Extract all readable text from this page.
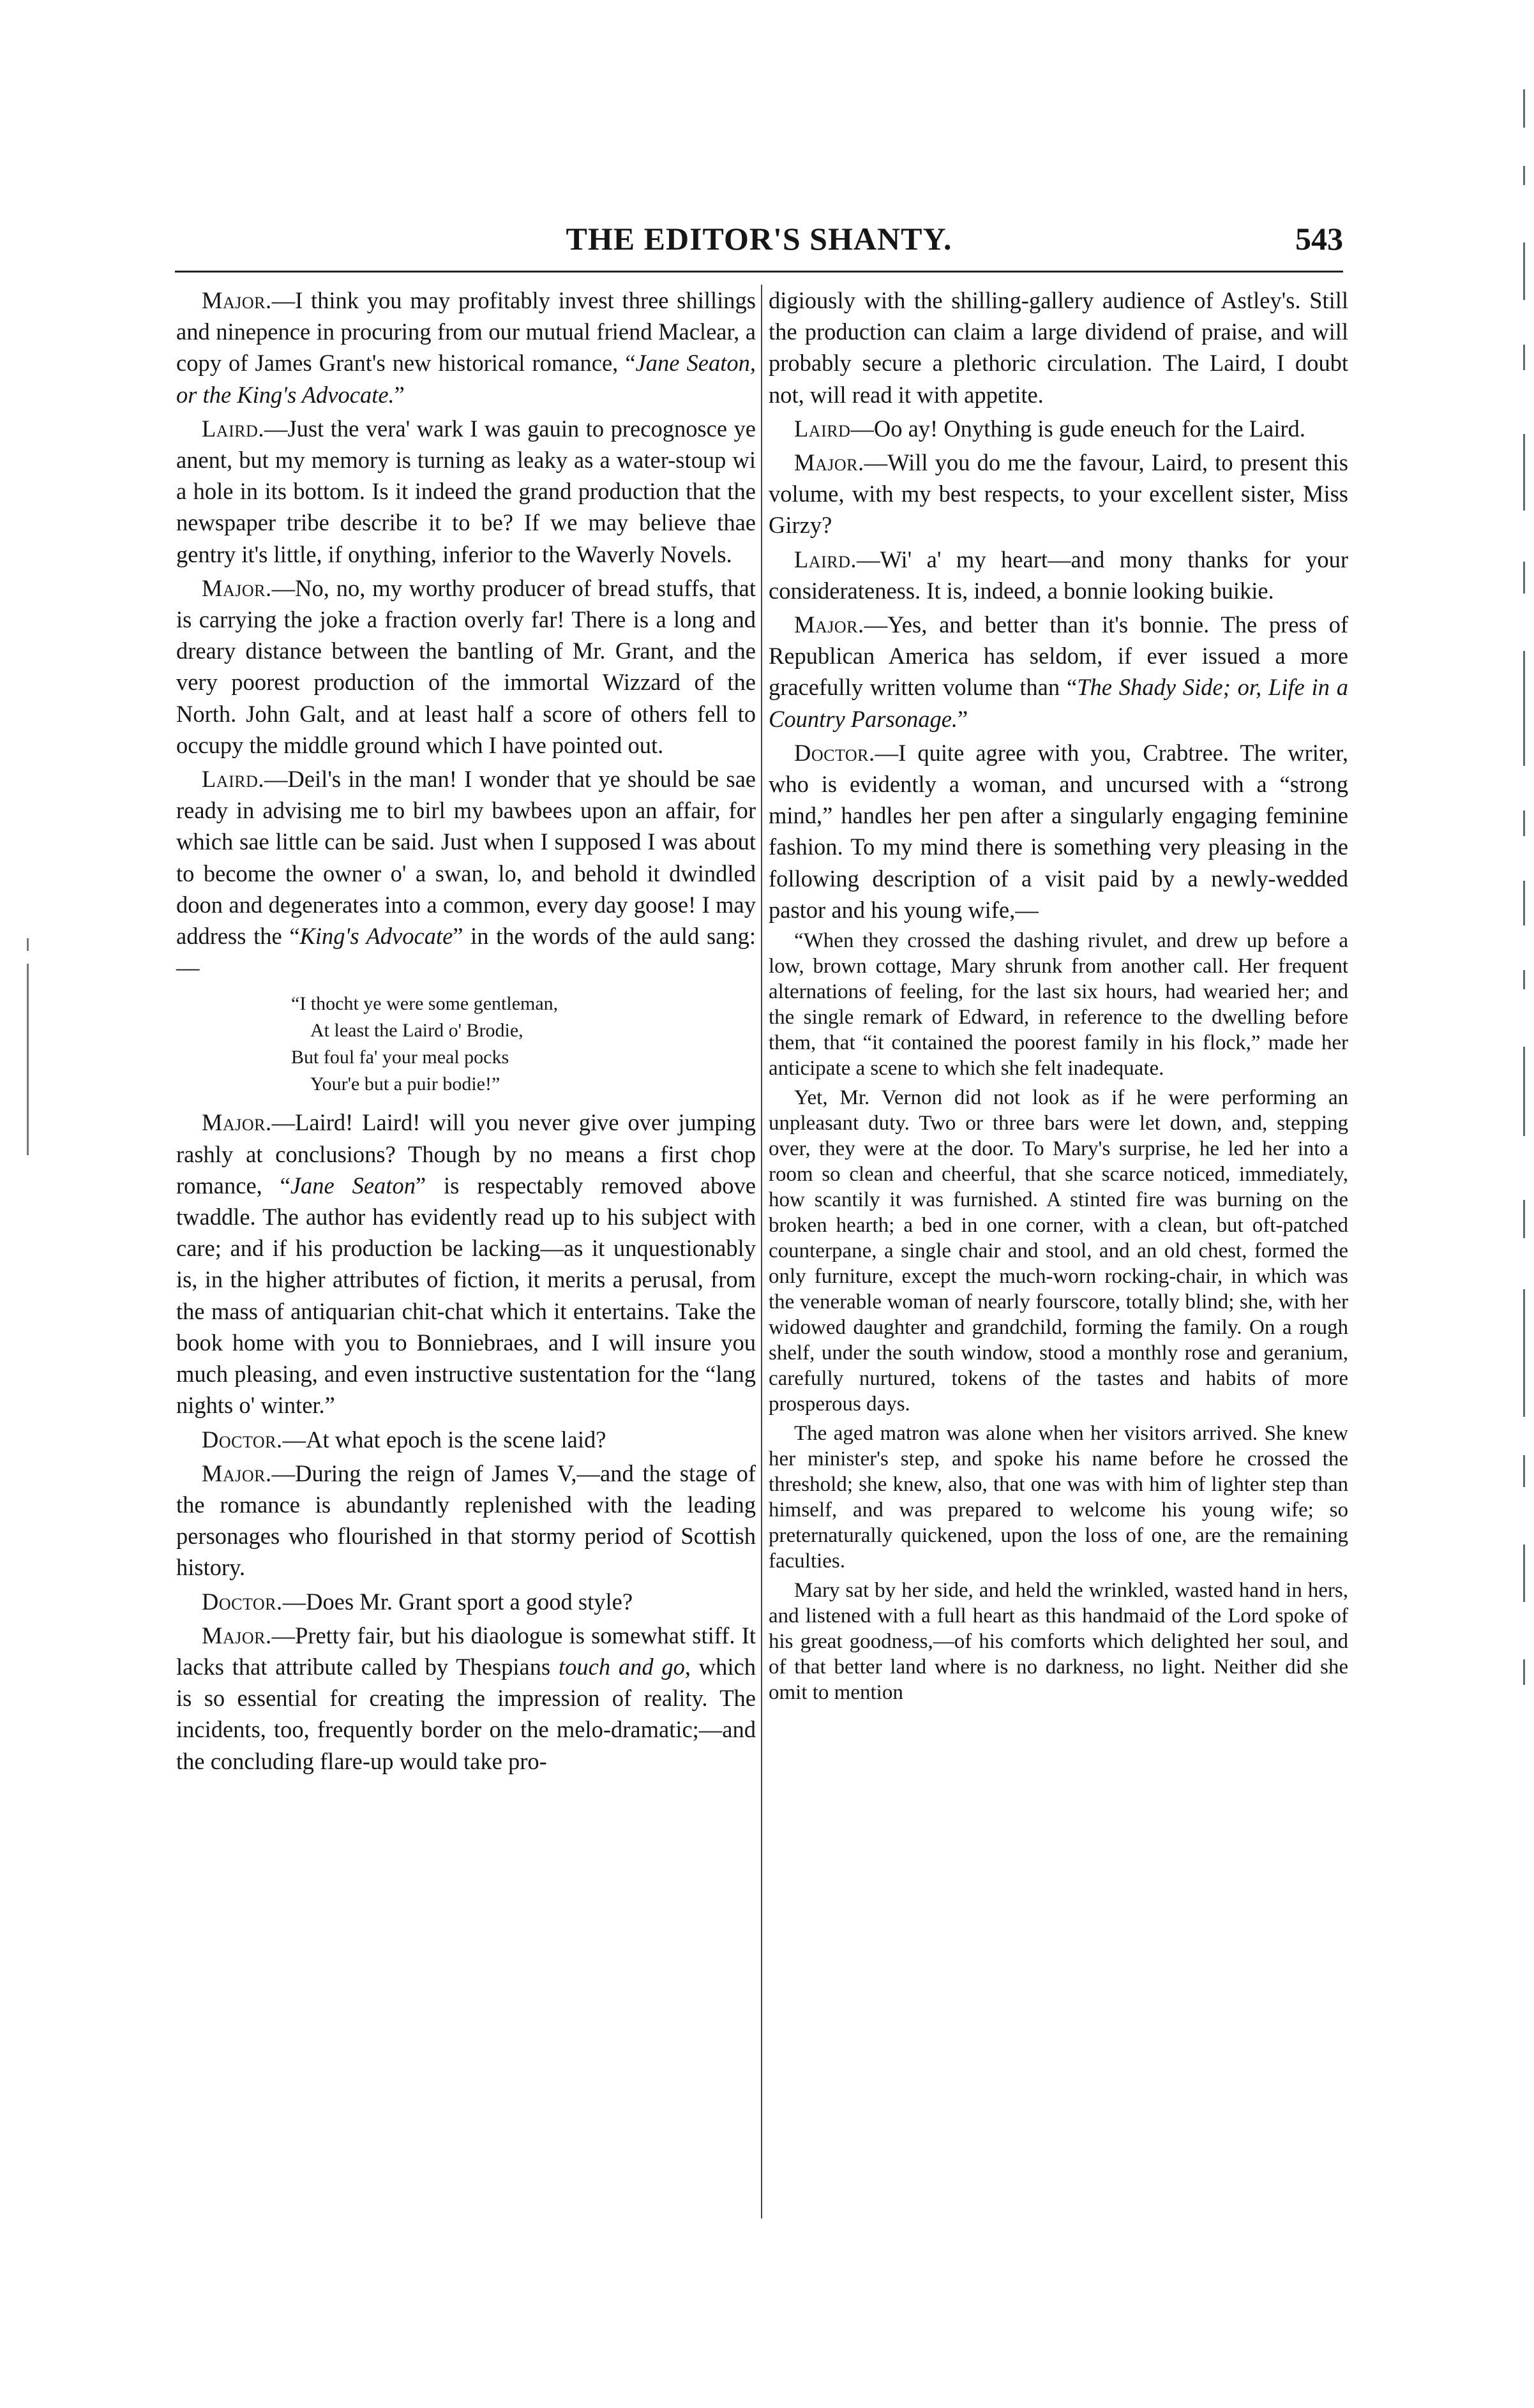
THE EDITOR'S SHANTY.	543

Major.—I think you may profitably invest three shillings and ninepence in procuring from our mutual friend Maclear, a copy of James Grant's new historical romance, “Jane Seaton, or the King's Advocate.”

Laird.—Just the vera' wark I was gauin to precognosce ye anent, but my memory is turning as leaky as a water-stoup wi a hole in its bottom. Is it indeed the grand production that the newspaper tribe describe it to be? If we may believe thae gentry it's little, if onything, inferior to the Waverly Novels.

Major.—No, no, my worthy producer of bread stuffs, that is carrying the joke a fraction overly far! There is a long and dreary distance between the bantling of Mr. Grant, and the very poorest production of the immortal Wizzard of the North. John Galt, and at least half a score of others fell to occupy the middle ground which I have pointed out.

Laird.—Deil's in the man! I wonder that ye should be sae ready in advising me to birl my bawbees upon an affair, for which sae little can be said. Just when I supposed I was about to become the owner o' a swan, lo, and behold it dwindled doon and degenerates into a common, every day goose! I may address the “King's Advocate” in the words of the auld sang:—

“I thocht ye were some gentleman,
At least the Laird o' Brodie,
But foul fa' your meal pocks
Your'e but a puir bodie!”

Major.—Laird! Laird! will you never give over jumping rashly at conclusions? Though by no means a first chop romance, “Jane Seaton” is respectably removed above twaddle. The author has evidently read up to his subject with care; and if his production be lacking—as it unquestionably is, in the higher attributes of fiction, it merits a perusal, from the mass of antiquarian chit-chat which it entertains. Take the book home with you to Bonniebraes, and I will insure you much pleasing, and even instructive sustentation for the “lang nights o' winter.”

Doctor.—At what epoch is the scene laid?

Major.—During the reign of James V,—and the stage of the romance is abundantly replenished with the leading personages who flourished in that stormy period of Scottish history.

Doctor.—Does Mr. Grant sport a good style?

Major.—Pretty fair, but his diaologue is somewhat stiff. It lacks that attribute called by Thespians touch and go, which is so essential for creating the impression of reality. The incidents, too, frequently border on the melo-dramatic;—and the concluding flare-up would take pro-

digiously with the shilling-gallery audience of Astley's. Still the production can claim a large dividend of praise, and will probably secure a plethoric circulation. The Laird, I doubt not, will read it with appetite.

Laird—Oo ay! Onything is gude eneuch for the Laird.

Major.—Will you do me the favour, Laird, to present this volume, with my best respects, to your excellent sister, Miss Girzy?

Laird.—Wi' a' my heart—and mony thanks for your considerateness. It is, indeed, a bonnie looking buikie.

Major.—Yes, and better than it's bonnie. The press of Republican America has seldom, if ever issued a more gracefully written volume than “The Shady Side; or, Life in a Country Parsonage.”

Doctor.—I quite agree with you, Crabtree. The writer, who is evidently a woman, and uncursed with a “strong mind,” handles her pen after a singularly engaging feminine fashion. To my mind there is something very pleasing in the following description of a visit paid by a newly-wedded pastor and his young wife,—

“When they crossed the dashing rivulet, and drew up before a low, brown cottage, Mary shrunk from another call. Her frequent alternations of feeling, for the last six hours, had wearied her; and the single remark of Edward, in reference to the dwelling before them, that “it contained the poorest family in his flock,” made her anticipate a scene to which she felt inadequate.

Yet, Mr. Vernon did not look as if he were performing an unpleasant duty. Two or three bars were let down, and, stepping over, they were at the door. To Mary's surprise, he led her into a room so clean and cheerful, that she scarce noticed, immediately, how scantily it was furnished. A stinted fire was burning on the broken hearth; a bed in one corner, with a clean, but oft-patched counterpane, a single chair and stool, and an old chest, formed the only furniture, except the much-worn rocking-chair, in which was the venerable woman of nearly fourscore, totally blind; she, with her widowed daughter and grandchild, forming the family. On a rough shelf, under the south window, stood a monthly rose and geranium, carefully nurtured, tokens of the tastes and habits of more prosperous days.

The aged matron was alone when her visitors arrived. She knew her minister's step, and spoke his name before he crossed the threshold; she knew, also, that one was with him of lighter step than himself, and was prepared to welcome his young wife; so preternaturally quickened, upon the loss of one, are the remaining faculties.

Mary sat by her side, and held the wrinkled, wasted hand in hers, and listened with a full heart as this handmaid of the Lord spoke of his great goodness,—of his comforts which delighted her soul, and of that better land where is no darkness, no light. Neither did she omit to mention
